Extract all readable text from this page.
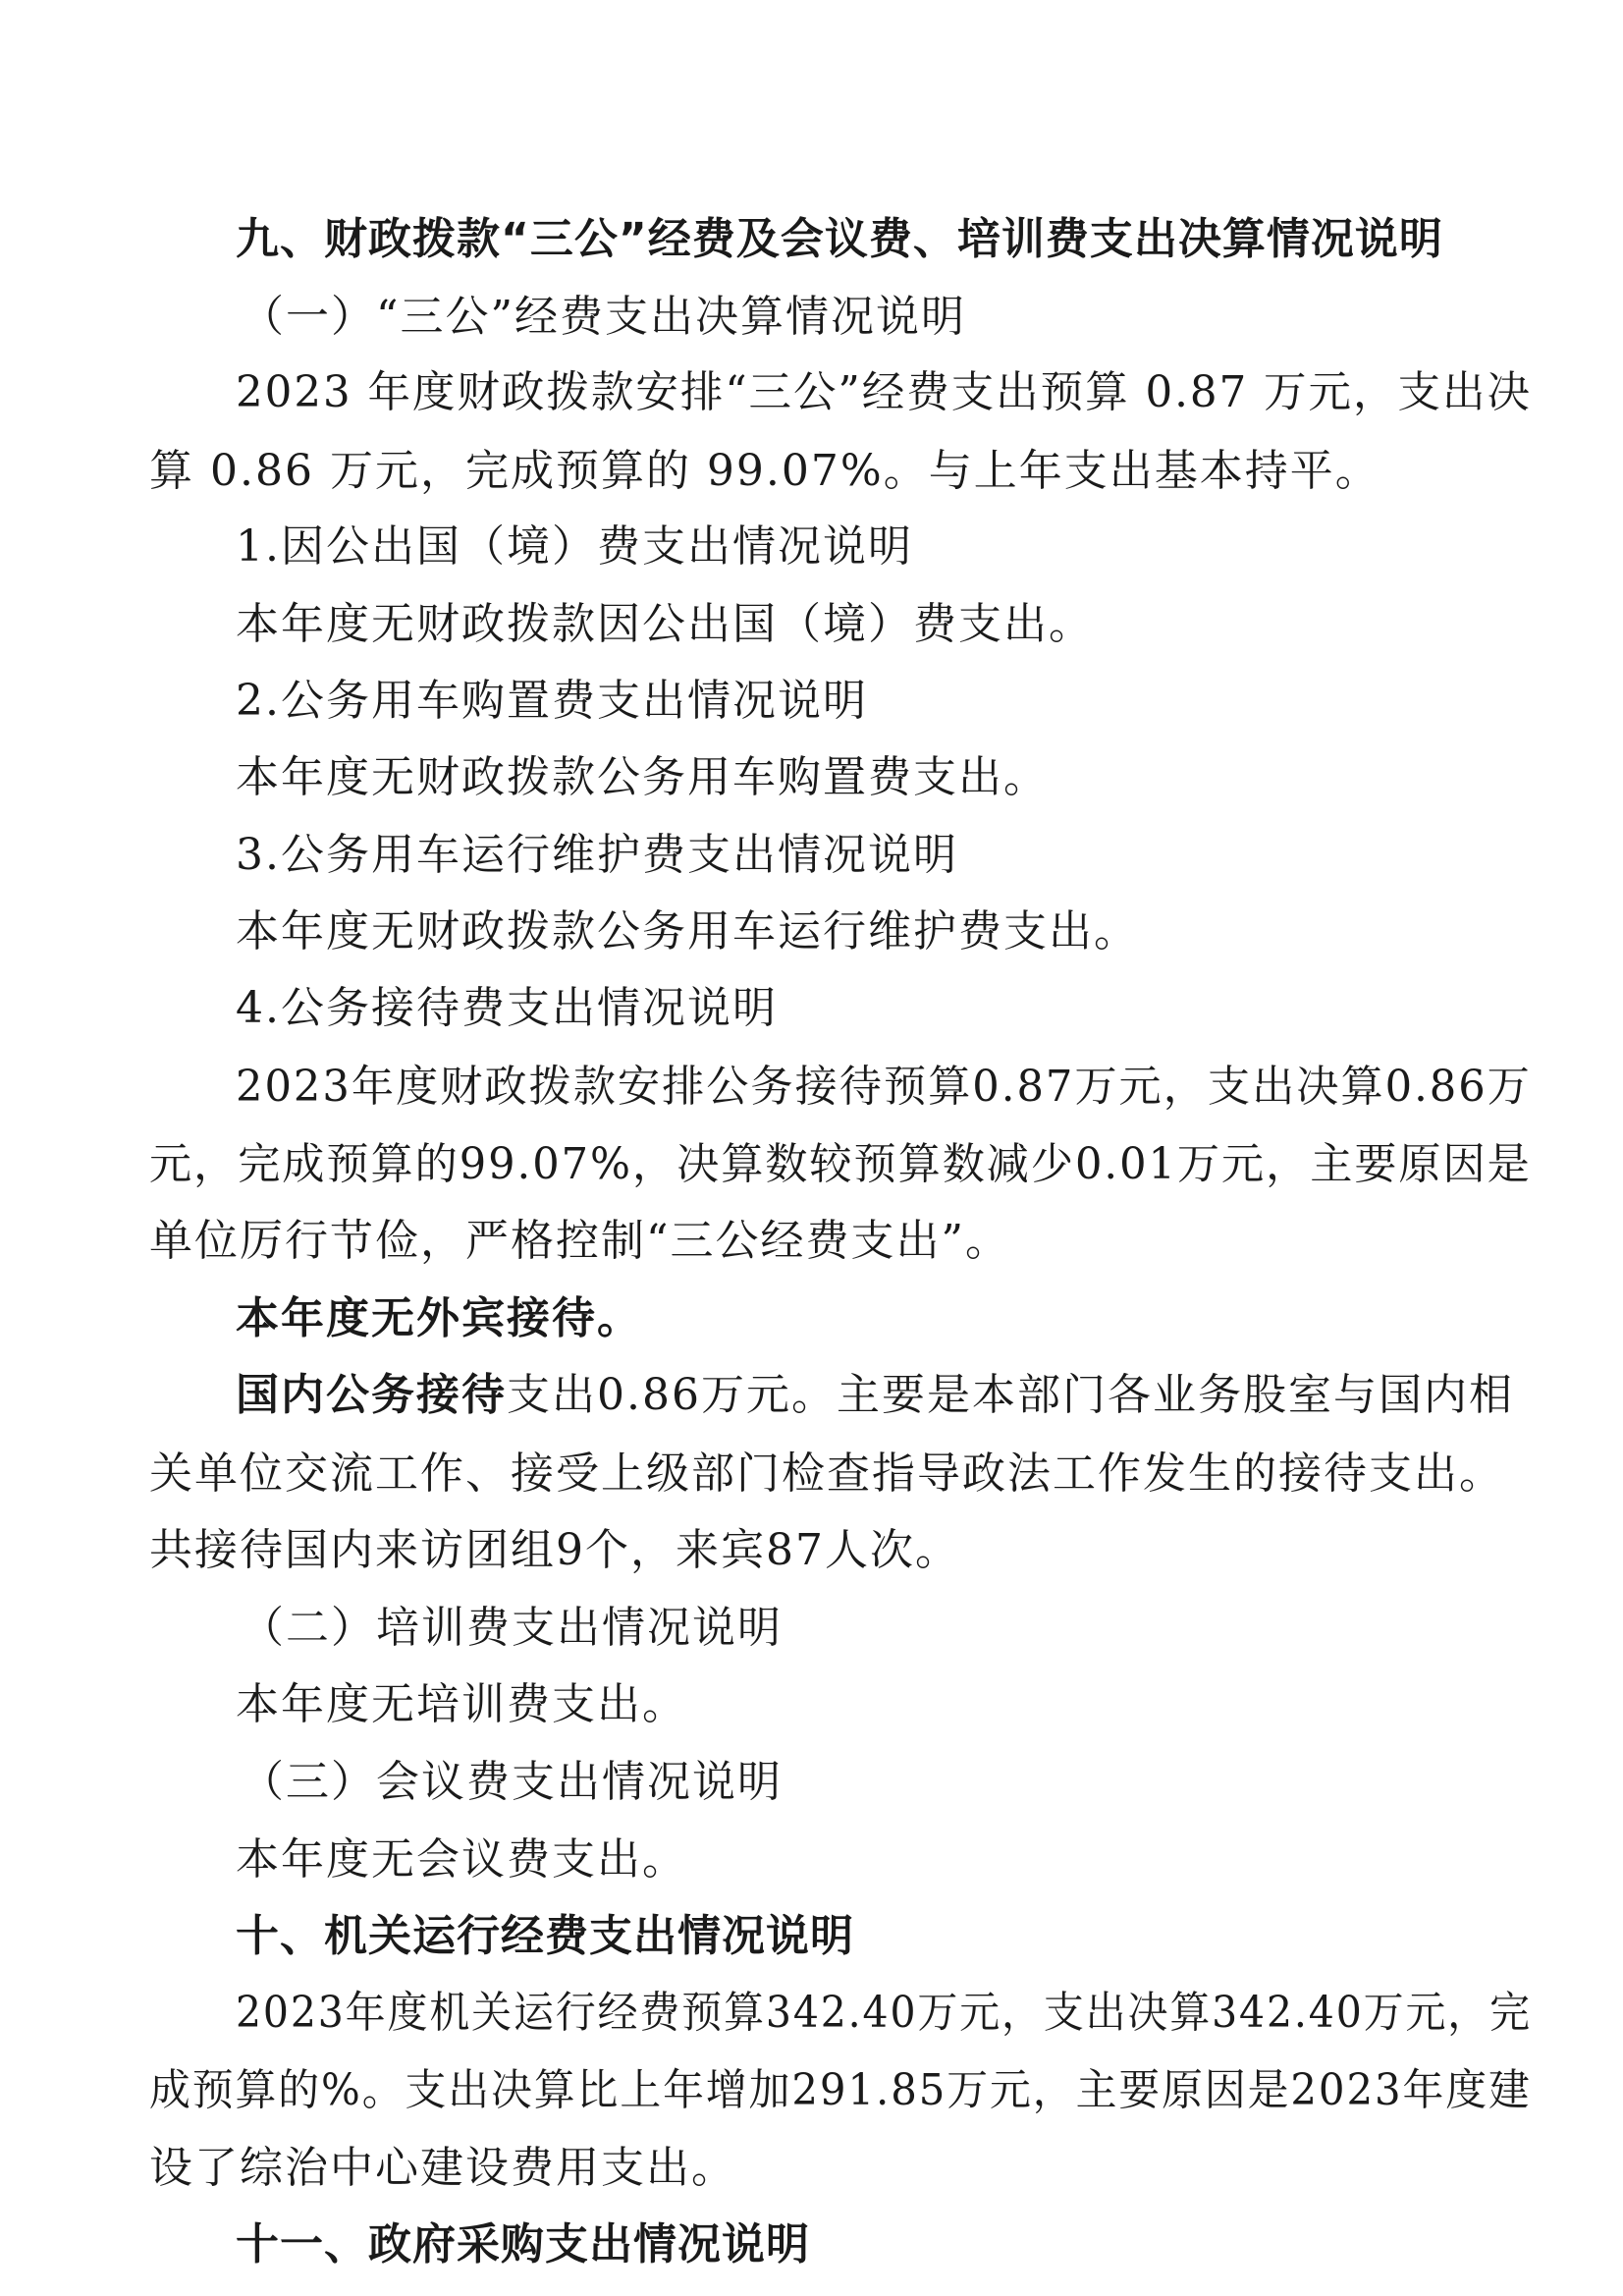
九、财政拨款“三公”经费及会议费、培训费支出决算情况说明
（一）“三公”经费支出决算情况说明
2023 年度财政拨款安排“三公”经费支出预算 0.87 万元，支出决
算 0.86 万元，完成预算的 99.07%。与上年支出基本持平。
1.因公出国（境）费支出情况说明
本年度无财政拨款因公出国（境）费支出。
2.公务用车购置费支出情况说明
本年度无财政拨款公务用车购置费支出。
3.公务用车运行维护费支出情况说明
本年度无财政拨款公务用车运行维护费支出。
4.公务接待费支出情况说明
2023年度财政拨款安排公务接待预算0.87万元，支出决算0.86万
元，完成预算的99.07%，决算数较预算数减少0.01万元，主要原因是
单位厉行节俭，严格控制“三公经费支出”。
本年度无外宾接待。
国内公务接待支出0.86万元。主要是本部门各业务股室与国内相
关单位交流工作、接受上级部门检查指导政法工作发生的接待支出。
共接待国内来访团组9个，来宾87人次。
（二）培训费支出情况说明
本年度无培训费支出。
（三）会议费支出情况说明
本年度无会议费支出。
十、机关运行经费支出情况说明
2023年度机关运行经费预算342.40万元，支出决算342.40万元，完
成预算的%。支出决算比上年增加291.85万元，主要原因是2023年度建
设了综治中心建设费用支出。
十一、政府采购支出情况说明
